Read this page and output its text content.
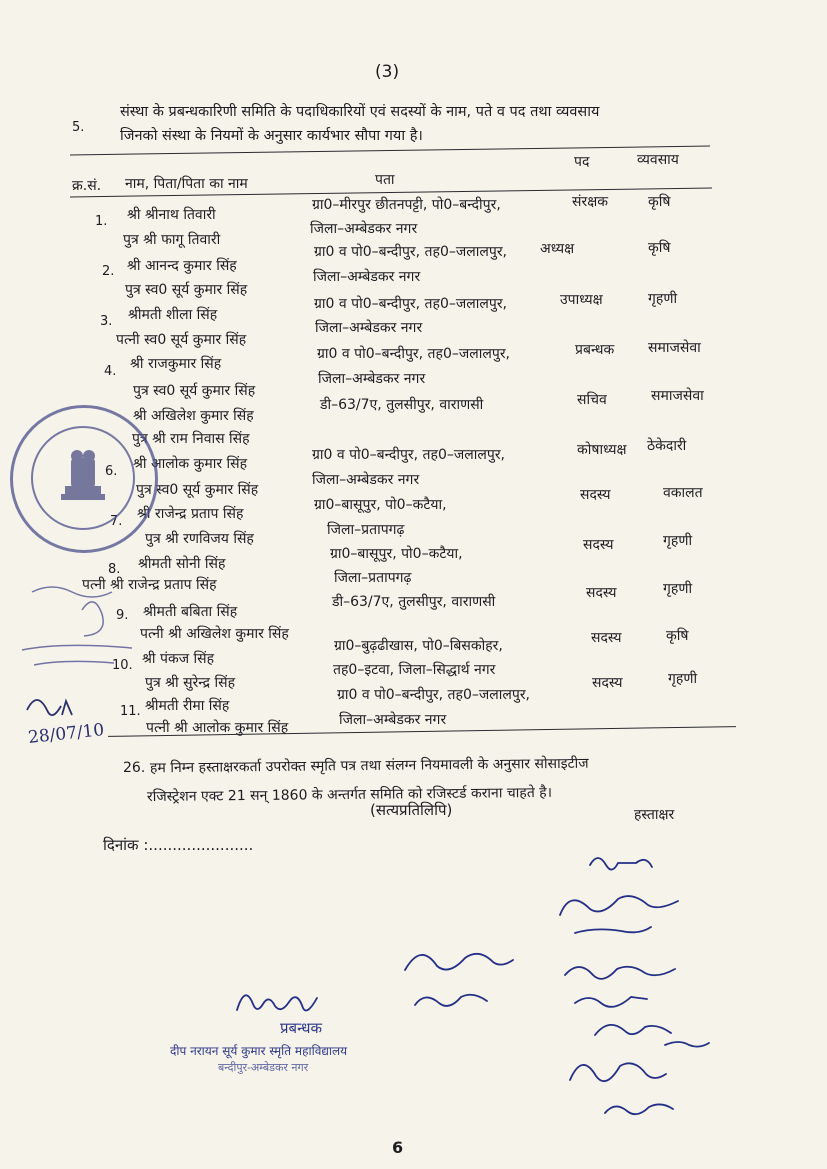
(3)
5.
संस्था के प्रबन्धकारिणी समिति के पदाधिकारियों एवं सदस्यों के नाम, पते व पद तथा व्यवसाय
जिनको संस्था के नियमों के अनुसार कार्यभार सौपा गया है।
क्र.सं. नाम, पिता/पिता का नाम	पता
पद	व्यवसाय
1. श्री श्रीनाथ तिवारी
पुत्र श्री फागू तिवारी
ग्रा0–मीरपुर छीतनपट्टी, पो0–बन्दीपुर,
जिला–अम्बेडकर नगर
संरक्षक	कृषि
2. श्री आनन्द कुमार सिंह
पुत्र स्व0 सूर्य कुमार सिंह
ग्रा0 व पो0–बन्दीपुर, तह0–जलालपुर,
जिला–अम्बेडकर नगर
अध्यक्ष	कृषि
3. श्रीमती शीला सिंह
पत्नी स्व0 सूर्य कुमार सिंह
ग्रा0 व पो0–बन्दीपुर, तह0–जलालपुर,
जिला–अम्बेडकर नगर
उपाध्यक्ष	गृहणी
4. श्री राजकुमार सिंह
पुत्र स्व0 सूर्य कुमार सिंह
ग्रा0 व पो0–बन्दीपुर, तह0–जलालपुर,
जिला–अम्बेडकर नगर
प्रबन्धक समाजसेवा
श्री अखिलेश कुमार सिंह
पुत्र श्री राम निवास सिंह
डी–63/7ए, तुलसीपुर, वाराणसी	सचिव	समाजसेवा
6. श्री आलोक कुमार सिंह
पुत्र स्व0 सूर्य कुमार सिंह
ग्रा0 व पो0–बन्दीपुर, तह0–जलालपुर,
जिला–अम्बेडकर नगर
कोषाध्यक्ष ठेकेदारी
7. श्री राजेन्द्र प्रताप सिंह
पुत्र श्री रणविजय सिंह
ग्रा0–बासूपुर, पो0–कटैया,
जिला–प्रतापगढ़
सदस्य	वकालत
8. श्रीमती सोनी सिंह
पत्नी श्री राजेन्द्र प्रताप सिंह
ग्रा0–बासूपुर, पो0–कटैया,
जिला–प्रतापगढ़
सदस्य	गृहणी
9. श्रीमती बबिता सिंह
पत्नी श्री अखिलेश कुमार सिंह
डी–63/7ए, तुलसीपुर, वाराणसी
सदस्य	गृहणी
10. श्री पंकज सिंह
पुत्र श्री सुरेन्द्र सिंह
ग्रा0–बुढ़ढीखास, पो0–बिसकोहर,
तह0–इटवा, जिला–सिद्धार्थ नगर
सदस्य	कृषि
11. श्रीमती रीमा सिंह
पत्नी श्री आलोक कुमार सिंह
ग्रा0 व पो0–बन्दीपुर, तह0–जलालपुर,
जिला–अम्बेडकर नगर
सदस्य	गृहणी
26. हम निम्न हस्ताक्षरकर्ता उपरोक्त स्मृति पत्र तथा संलग्न नियमावली के अनुसार सोसाइटीज
रजिस्ट्रेशन एक्ट 21 सन् 1860 के अन्तर्गत समिति को रजिस्टर्ड कराना चाहते है।
(सत्यप्रतिलिपि)	हस्ताक्षर
दिनांक :......................
28/07/10
प्रबन्धक
दीप नरायन सूर्य कुमार स्मृति महाविद्यालय
बन्दीपुर-अम्बेडकर नगर
6
